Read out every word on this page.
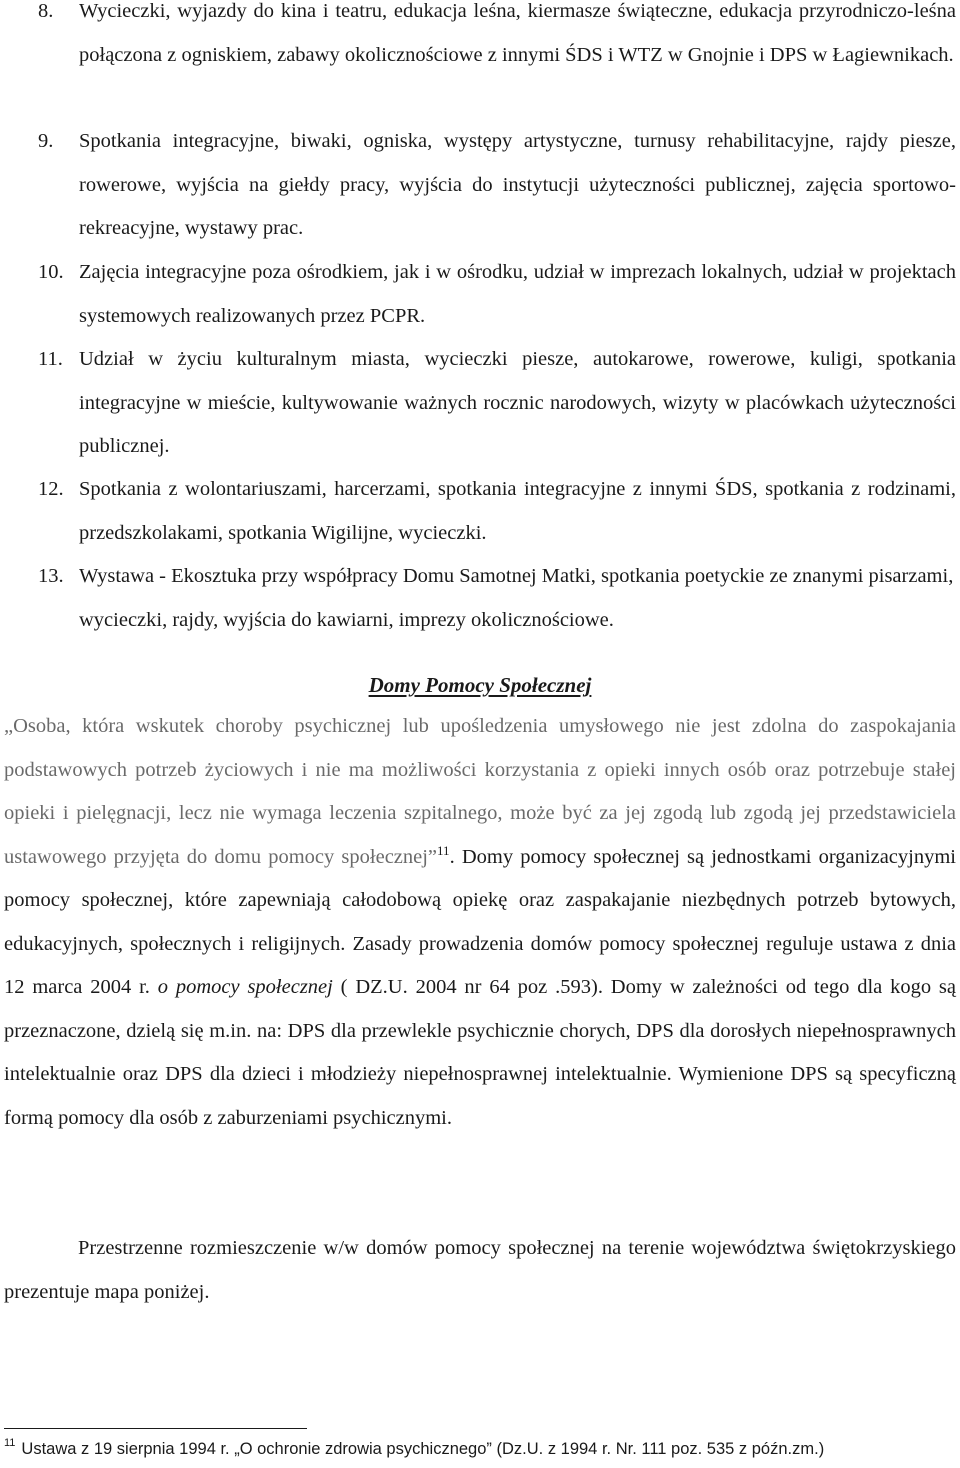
8.	Wycieczki, wyjazdy do kina i teatru, edukacja leśna, kiermasze świąteczne, edukacja przyrodniczo-leśna połączona z ogniskiem, zabawy okolicznościowe z innymi ŚDS i WTZ w Gnojnie i DPS w Łagiewnikach.
9.	Spotkania integracyjne, biwaki, ogniska, występy artystyczne, turnusy rehabilitacyjne, rajdy piesze, rowerowe, wyjścia na giełdy pracy, wyjścia do instytucji użyteczności publicznej, zajęcia sportowo-rekreacyjne, wystawy prac.
10. Zajęcia integracyjne poza ośrodkiem, jak i w ośrodku, udział w imprezach lokalnych, udział w projektach systemowych realizowanych przez PCPR.
11. Udział w życiu kulturalnym miasta, wycieczki piesze, autokarowe, rowerowe, kuligi, spotkania integracyjne w mieście, kultywowanie ważnych rocznic narodowych, wizyty w placówkach użyteczności publicznej.
12. Spotkania z wolontariuszami, harcerzami, spotkania integracyjne z innymi ŚDS, spotkania z rodzinami, przedszkolakami, spotkania Wigilijne, wycieczki.
13. Wystawa - Ekosztuka przy współpracy Domu Samotnej Matki, spotkania poetyckie ze znanymi pisarzami, wycieczki, rajdy, wyjścia do kawiarni, imprezy okolicznościowe.
Domy Pomocy Społecznej
„Osoba, która wskutek choroby psychicznej lub upośledzenia umysłowego nie jest zdolna do zaspokajania podstawowych potrzeb życiowych i nie ma możliwości korzystania z opieki innych osób oraz potrzebuje stałej opieki i pielęgnacji, lecz nie wymaga leczenia szpitalnego, może być za jej zgodą lub zgodą jej przedstawiciela ustawowego przyjęta do domu pomocy społecznej”$^{11}$. Domy pomocy społecznej są jednostkami organizacyjnymi pomocy społecznej, które zapewniają całodobową opiekę oraz zaspakajanie niezbędnych potrzeb bytowych, edukacyjnych, społecznych i religijnych. Zasady prowadzenia domów pomocy społecznej reguluje ustawa z dnia 12 marca 2004 r. o pomocy społecznej ( DZ.U. 2004 nr 64 poz .593). Domy w zależności od tego dla kogo są przeznaczone, dzielą się m.in. na: DPS dla przewlekle psychicznie chorych, DPS dla dorosłych niepełnosprawnych intelektualnie oraz DPS dla dzieci i młodzieży niepełnosprawnej intelektualnie. Wymienione DPS są specyficzną formą pomocy dla osób z zaburzeniami psychicznymi.
Przestrzenne rozmieszczenie w/w domów pomocy społecznej na terenie województwa świętokrzyskiego prezentuje mapa poniżej.
$^{11}$ Ustawa z 19 sierpnia 1994 r. „O ochronie zdrowia psychicznego” (Dz.U. z 1994 r. Nr. 111 poz. 535 z późn.zm.)
